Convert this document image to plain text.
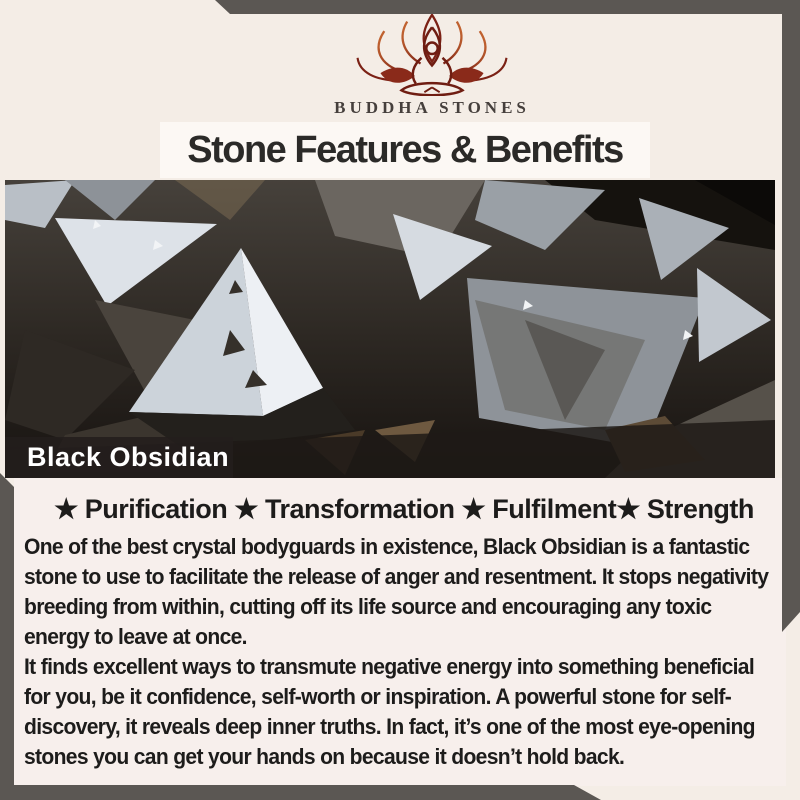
BUDDHA STONES
Stone Features & Benefits
Black Obsidian
★ Purification ★ Transformation ★ Fulfilment★ Strength

One of the best crystal bodyguards in existence, Black Obsidian is a fantastic stone to use to facilitate the release of anger and resentment. It stops negativity breeding from within, cutting off its life source and encouraging any toxic energy to leave at once.

It finds excellent ways to transmute negative energy into something beneficial for you, be it confidence, self-worth or inspiration. A powerful stone for self-discovery, it reveals deep inner truths. In fact, it’s one of the most eye-opening stones you can get your hands on because it doesn’t hold back.
